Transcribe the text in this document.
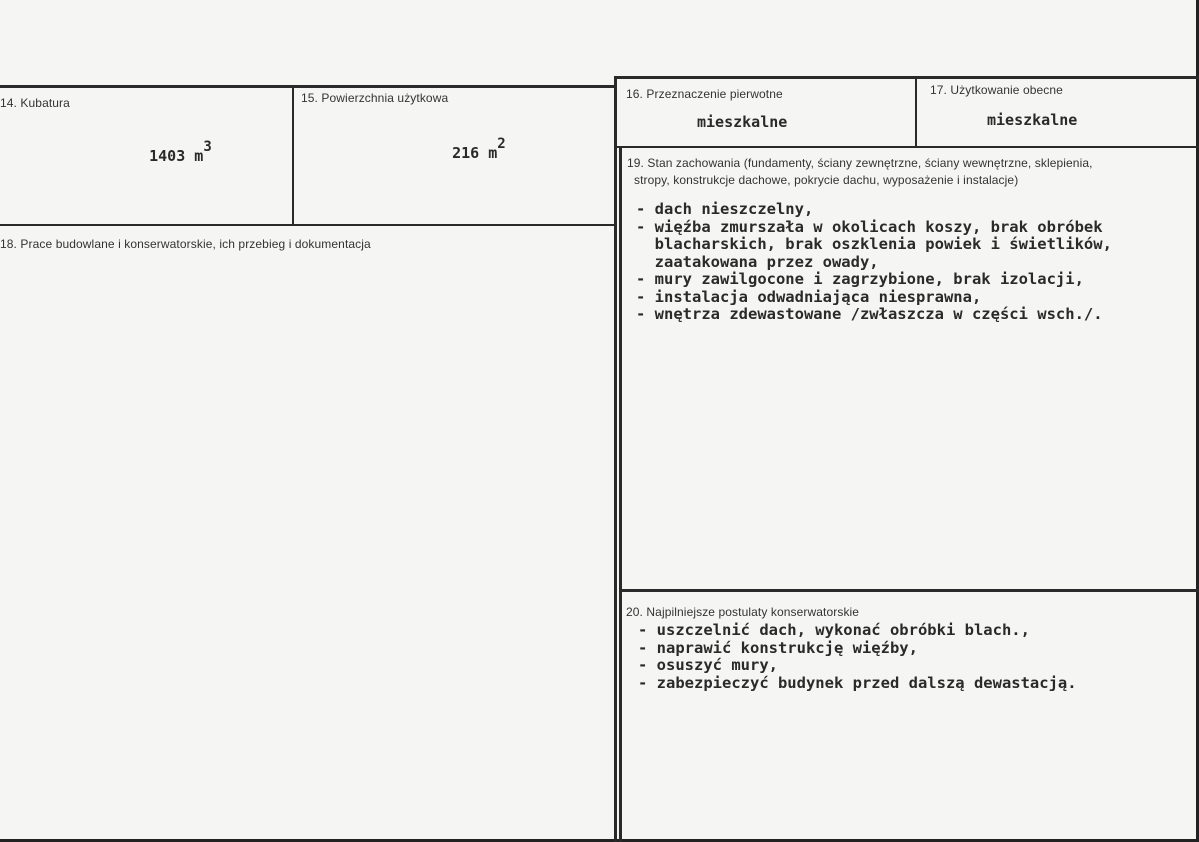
14. Kubatura

1403 m3

15. Powierzchnia użytkowa

216 m2

16. Przeznaczenie pierwotne
mieszkalne
17. Użytkowanie obecne
mieszkalne
18. Prace budowlane i konserwatorskie, ich przebieg i dokumentacja
19. Stan zachowania (fundamenty, ściany zewnętrzne, ściany wewnętrzne, sklepienia,
stropy, konstrukcje dachowe, pokrycie dachu, wyposażenie i instalacje)
- dach nieszczelny,
- więźba zmurszała w okolicach koszy, brak obróbek
blacharskich, brak oszklenia powiek i świetlików,
zaatakowana przez owady,
- mury zawilgocone i zagrzybione, brak izolacji,
- instalacja odwadniająca niesprawna,
- wnętrza zdewastowane /zwłaszcza w części wsch./.
20. Najpilniejsze postulaty konserwatorskie
- uszczelnić dach, wykonać obróbki blach.,
- naprawić konstrukcję więźby,
- osuszyć mury,
- zabezpieczyć budynek przed dalszą dewastacją.
